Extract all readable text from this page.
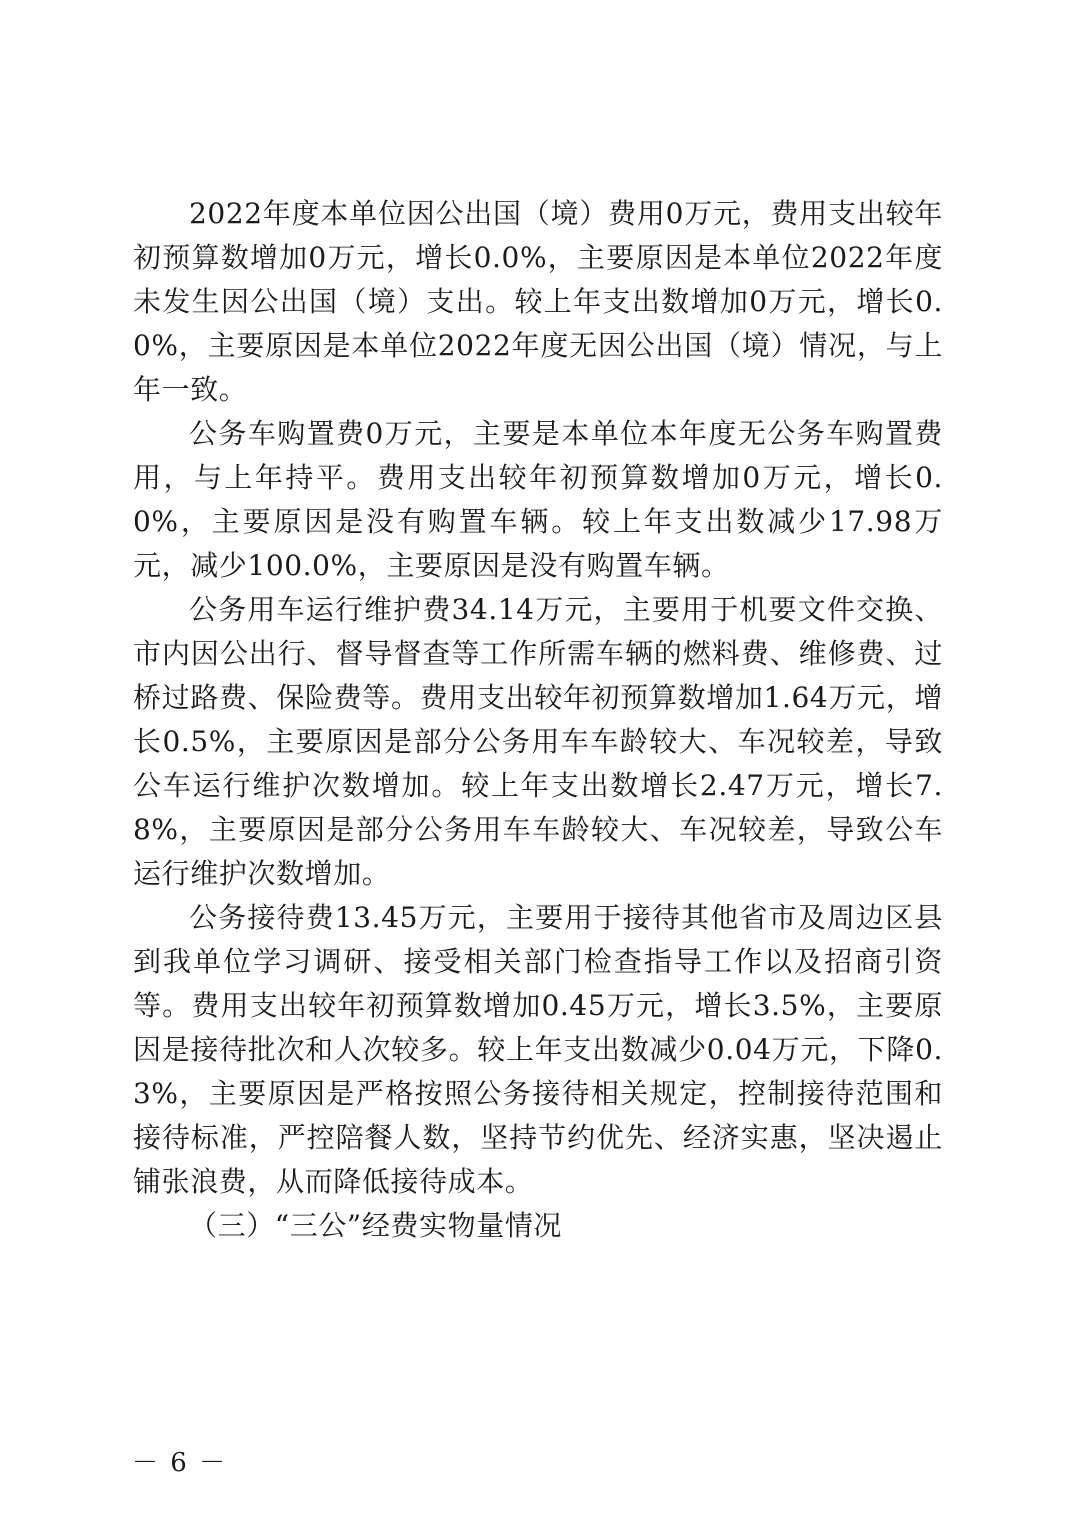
2022年度本单位因公出国（境）费用0万元，费用支出较年初预算数增加0万元，增长0.0%，主要原因是本单位2022年度未发生因公出国（境）支出。较上年支出数增加0万元，增长0.0%，主要原因是本单位2022年度无因公出国（境）情况，与上年一致。

公务车购置费0万元，主要是本单位本年度无公务车购置费用，与上年持平。费用支出较年初预算数增加0万元，增长0.0%，主要原因是没有购置车辆。较上年支出数减少17.98万元，减少100.0%，主要原因是没有购置车辆。

公务用车运行维护费34.14万元，主要用于机要文件交换、市内因公出行、督导督查等工作所需车辆的燃料费、维修费、过桥过路费、保险费等。费用支出较年初预算数增加1.64万元，增长0.5%，主要原因是部分公务用车车龄较大、车况较差，导致公车运行维护次数增加。较上年支出数增长2.47万元，增长7.8%，主要原因是部分公务用车车龄较大、车况较差，导致公车运行维护次数增加。

公务接待费13.45万元，主要用于接待其他省市及周边区县到我单位学习调研、接受相关部门检查指导工作以及招商引资等。费用支出较年初预算数增加0.45万元，增长3.5%，主要原因是接待批次和人次较多。较上年支出数减少0.04万元，下降0.3%，主要原因是严格按照公务接待相关规定，控制接待范围和接待标准，严控陪餐人数，坚持节约优先、经济实惠，坚决遏止铺张浪费，从而降低接待成本。

（三）“三公”经费实物量情况

－ 6 －
